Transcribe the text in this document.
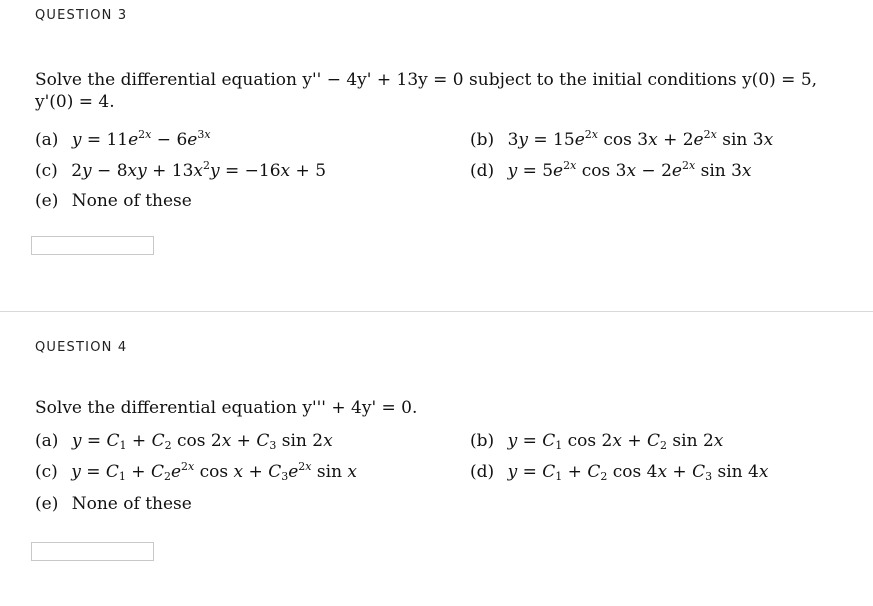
QUESTION 3
Solve the differential equation y'' − 4y' + 13y = 0 subject to the initial conditions y(0) = 5,
y'(0) = 4.
(a) $y = 11e^{2x} - 6e^{3x}$	(b) $3y = 15e^{2x}$ $\cos 3x + 2e^{2x}$ sin 3x
(c) $2y - 8xy + 13x^2y = -16x + 5$	(d) $y = 5e^{2x}$ $\cos 3x - 2e^{2x}$ sin 3x
(e) None of these
QUESTION 4
Solve the differential equation y''' + 4y' = 0.
(a) $y = C_1 + C_2$ $\cos 2x + C_3$ sin 2x	(b) $y = C_1$ $\cos 2x + C_2$ sin 2x
(c) $y = C_1 + C_2e^{2x}$ $\cos x + C_3e^{2x}$ sin x	(d) $y = C_1 + C_2$ $\cos 4x + C_3$ sin 4x
(e) None of these
